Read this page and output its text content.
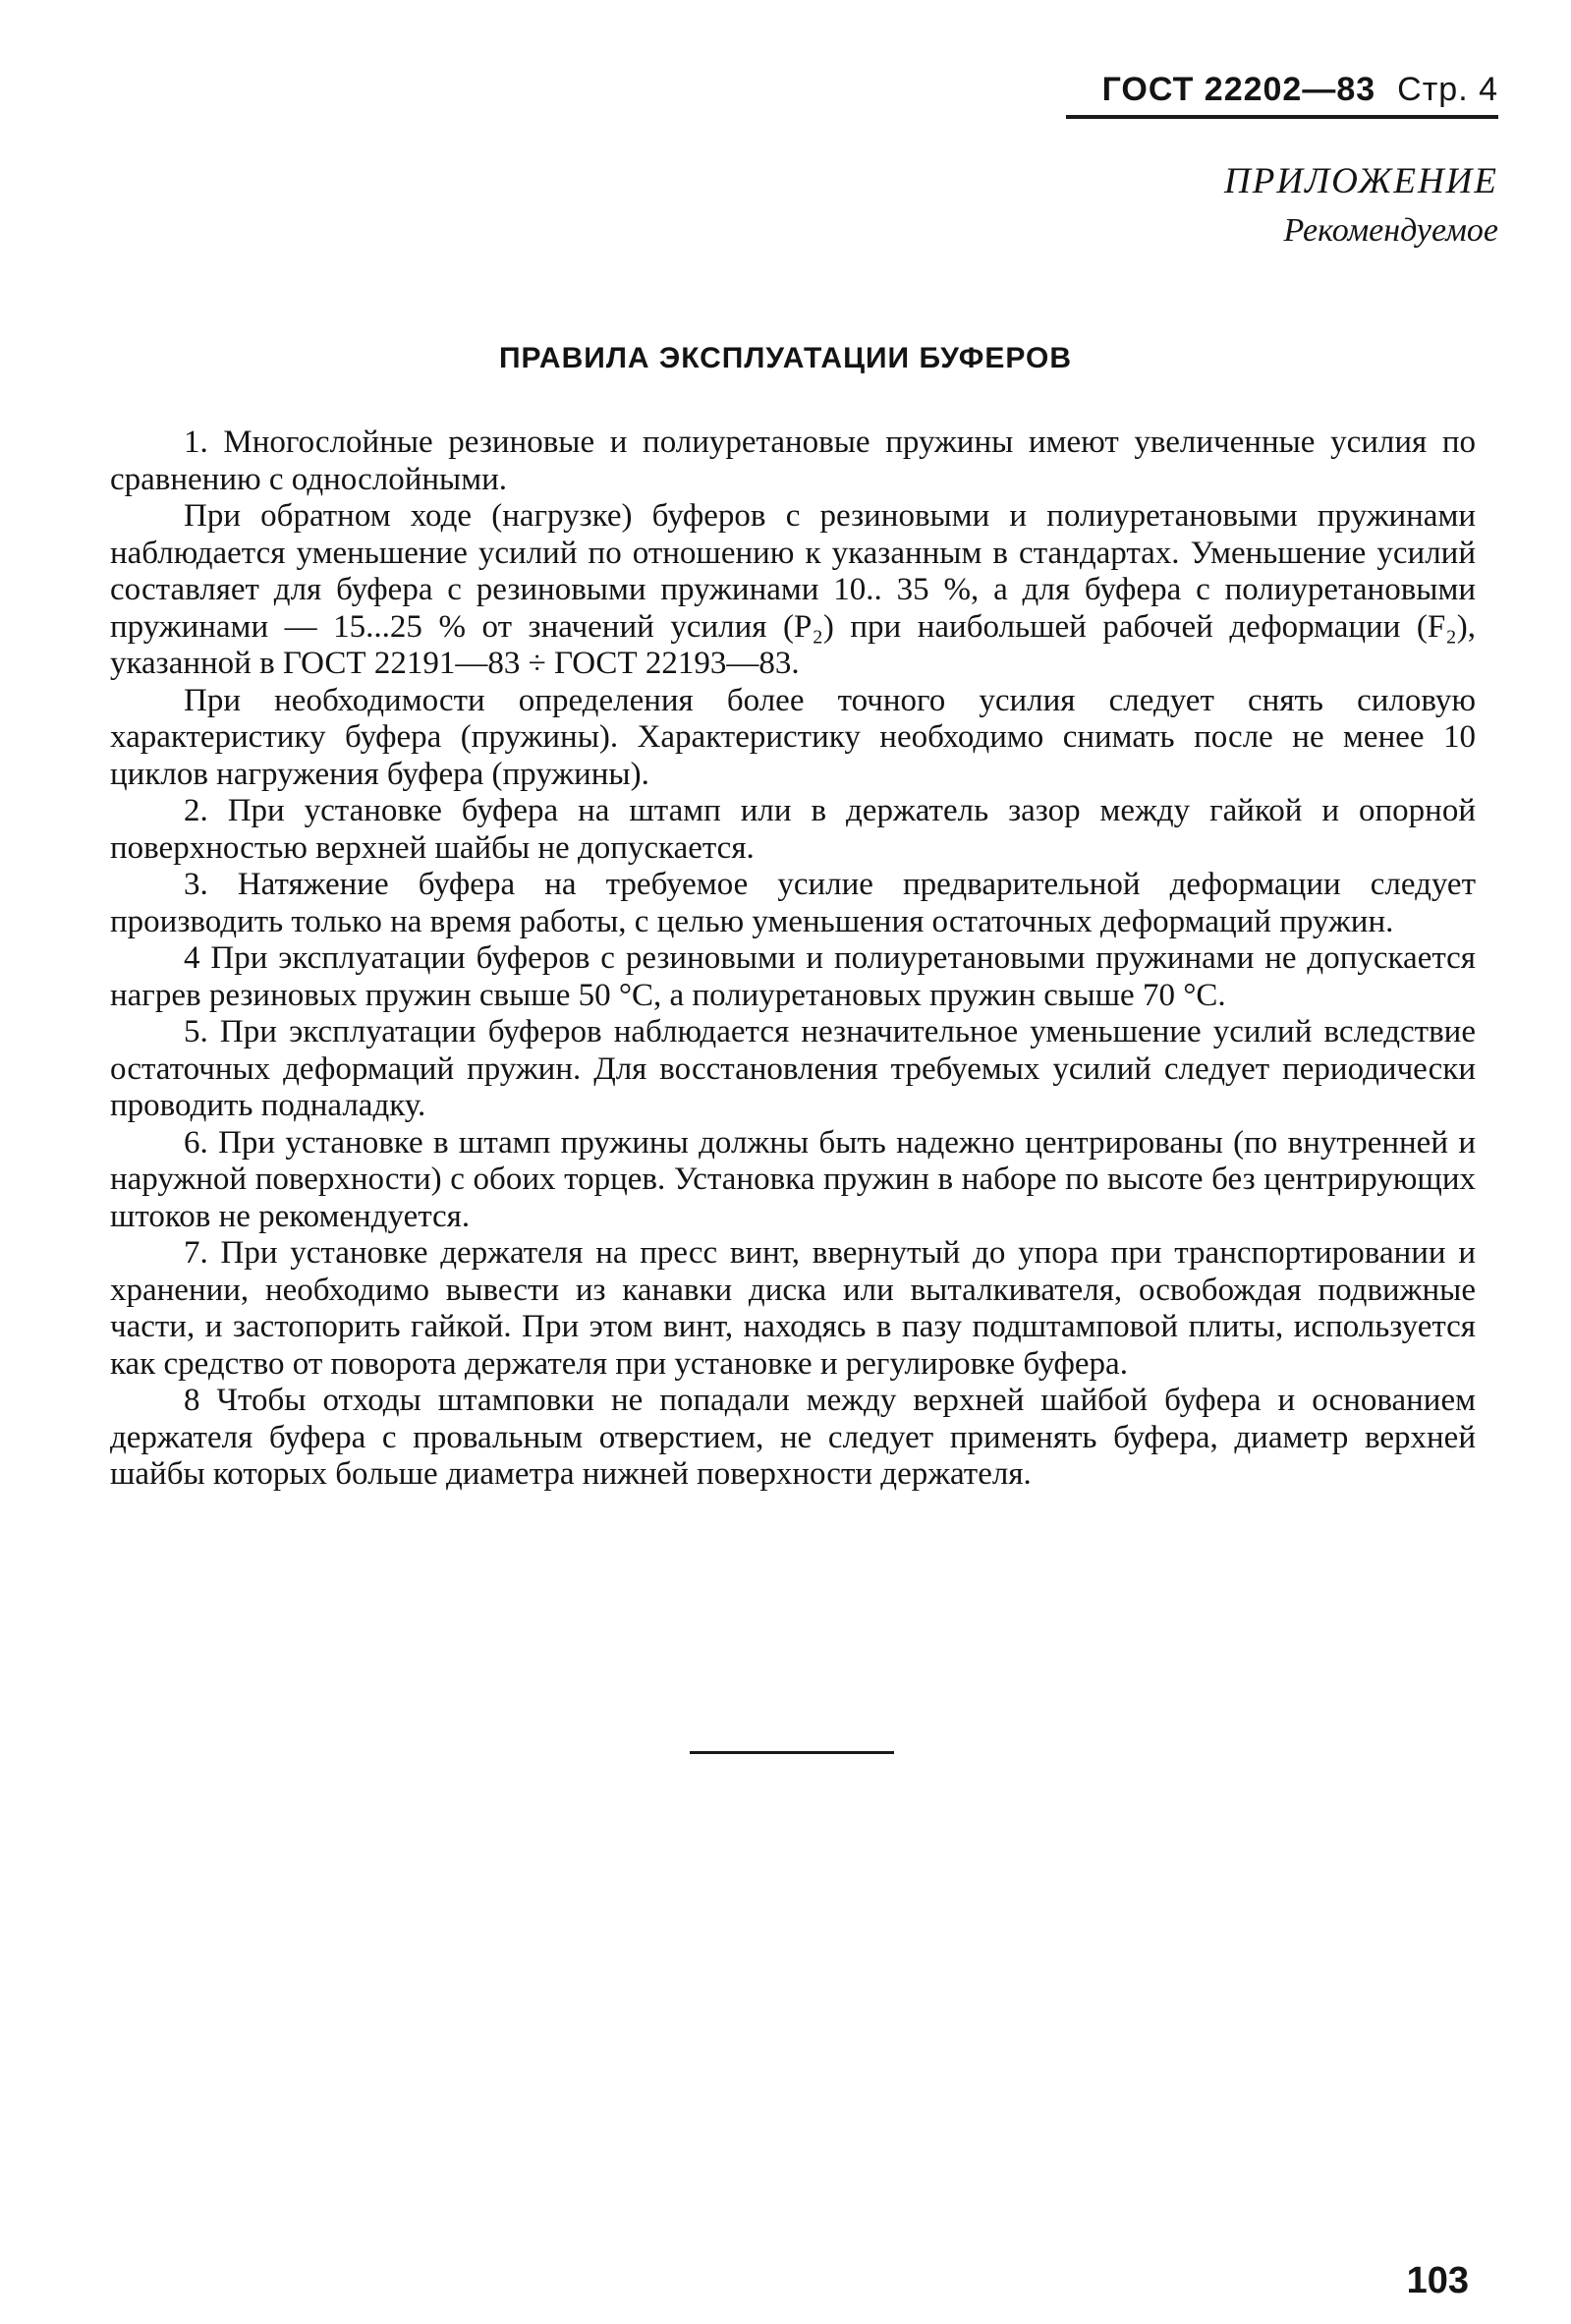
ГОСТ 22202—83 Стр. 4
ПРИЛОЖЕНИЕ
Рекомендуемое
ПРАВИЛА ЭКСПЛУАТАЦИИ БУФЕРОВ

1. Многослойные резиновые и полиуретановые пружины имеют увеличенные усилия по сравнению с однослойными.

При обратном ходе (нагрузке) буферов с резиновыми и полиуретановыми пружинами наблюдается уменьшение усилий по отношению к указанным в стандартах. Уменьшение усилий составляет для буфера с резиновыми пружинами 10.. 35 %, а для буфера с полиуретановыми пружинами — 15...25 % от значений усилия (P₂) при наибольшей рабочей деформации (F₂), указанной в ГОСТ 22191—83 ÷ ГОСТ 22193—83.

При необходимости определения более точного усилия следует снять силовую характеристику буфера (пружины). Характеристику необходимо снимать после не менее 10 циклов нагружения буфера (пружины).

2. При установке буфера на штамп или в держатель зазор между гайкой и опорной поверхностью верхней шайбы не допускается.

3. Натяжение буфера на требуемое усилие предварительной деформации следует производить только на время работы, с целью уменьшения остаточных деформаций пружин.

4 При эксплуатации буферов с резиновыми и полиуретановыми пружинами не допускается нагрев резиновых пружин свыше 50 °С, а полиуретановых пружин свыше 70 °С.

5. При эксплуатации буферов наблюдается незначительное уменьшение усилий вследствие остаточных деформаций пружин. Для восстановления требуемых усилий следует периодически проводить подналадку.

6. При установке в штамп пружины должны быть надежно центрированы (по внутренней и наружной поверхности) с обоих торцев. Установка пружин в наборе по высоте без центрирующих штоков не рекомендуется.

7. При установке держателя на пресс винт, ввернутый до упора при транспортировании и хранении, необходимо вывести из канавки диска или выталкивателя, освобождая подвижные части, и застопорить гайкой. При этом винт, находясь в пазу подштамповой плиты, используется как средство от поворота держателя при установке и регулировке буфера.

8 Чтобы отходы штамповки не попадали между верхней шайбой буфера и основанием держателя буфера с провальным отверстием, не следует применять буфера, диаметр верхней шайбы которых больше диаметра нижней поверхности держателя.

103
